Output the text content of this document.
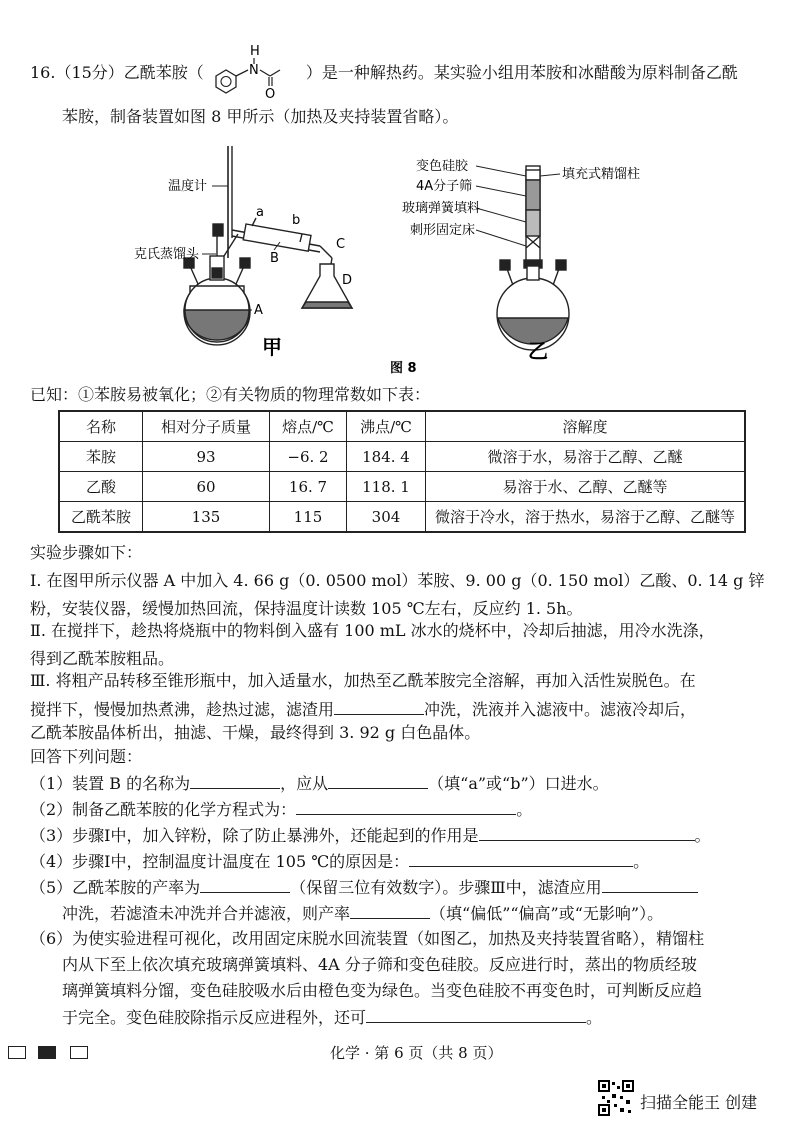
16.（15分）乙酰苯胺（	N
H
O
）是一种解热药。某实验小组用苯胺和冰醋酸为原料制备乙酰
苯胺，制备装置如图 8 甲所示（加热及夹持装置省略）。
温度计
克氏蒸馏头
a
b
B
C
D
A
甲
变色硅胶
4A分子筛
玻璃弹簧填料
刺形固定床
填充式精馏柱
乙
图 8
已知：①苯胺易被氧化；②有关物质的物理常数如下表：
名称	相对分子质量	熔点/℃	沸点/℃	溶解度
苯胺	93	−6. 2	184. 4	微溶于水，易溶于乙醇、乙醚
乙酸	60	16. 7	118. 1	易溶于水、乙醇、乙醚等
乙酰苯胺	135	115	304	微溶于冷水，溶于热水，易溶于乙醇、乙醚等
实验步骤如下：
Ⅰ. 在图甲所示仪器 A 中加入 4. 66 g（0. 0500 mol）苯胺、9. 00 g（0. 150 mol）乙酸、0. 14 g 锌
粉，安装仪器，缓慢加热回流，保持温度计读数 105 ℃左右，反应约 1. 5h。
Ⅱ. 在搅拌下，趁热将烧瓶中的物料倒入盛有 100 mL 冰水的烧杯中，冷却后抽滤，用冷水洗涤，
得到乙酰苯胺粗品。
Ⅲ. 将粗产品转移至锥形瓶中，加入适量水，加热至乙酰苯胺完全溶解，再加入活性炭脱色。在
搅拌下，慢慢加热煮沸，趁热过滤，滤渣用	冲洗，洗液并入滤液中。滤液冷却后，
乙酰苯胺晶体析出，抽滤、干燥，最终得到 3. 92 g 白色晶体。
回答下列问题：
（1）装置 B 的名称为	，应从	（填“a”或“b”）口进水。
（2）制备乙酰苯胺的化学方程式为：	。
（3）步骤Ⅰ中，加入锌粉，除了防止暴沸外，还能起到的作用是	。
（4）步骤Ⅰ中，控制温度计温度在 105 ℃的原因是：	。
（5）乙酰苯胺的产率为	（保留三位有效数字）。步骤Ⅲ中，滤渣应用
冲洗，若滤渣未冲洗并合并滤液，则产率	（填“偏低”“偏高”或“无影响”）。
（6）为使实验进程可视化，改用固定床脱水回流装置（如图乙，加热及夹持装置省略），精馏柱
内从下至上依次填充玻璃弹簧填料、4A 分子筛和变色硅胶。反应进行时，蒸出的物质经玻
璃弹簧填料分馏，变色硅胶吸水后由橙色变为绿色。当变色硅胶不再变色时，可判断反应趋
于完全。变色硅胶除指示反应进程外，还可	。
化学 · 第 6 页（共 8 页）
扫描全能王 创建
